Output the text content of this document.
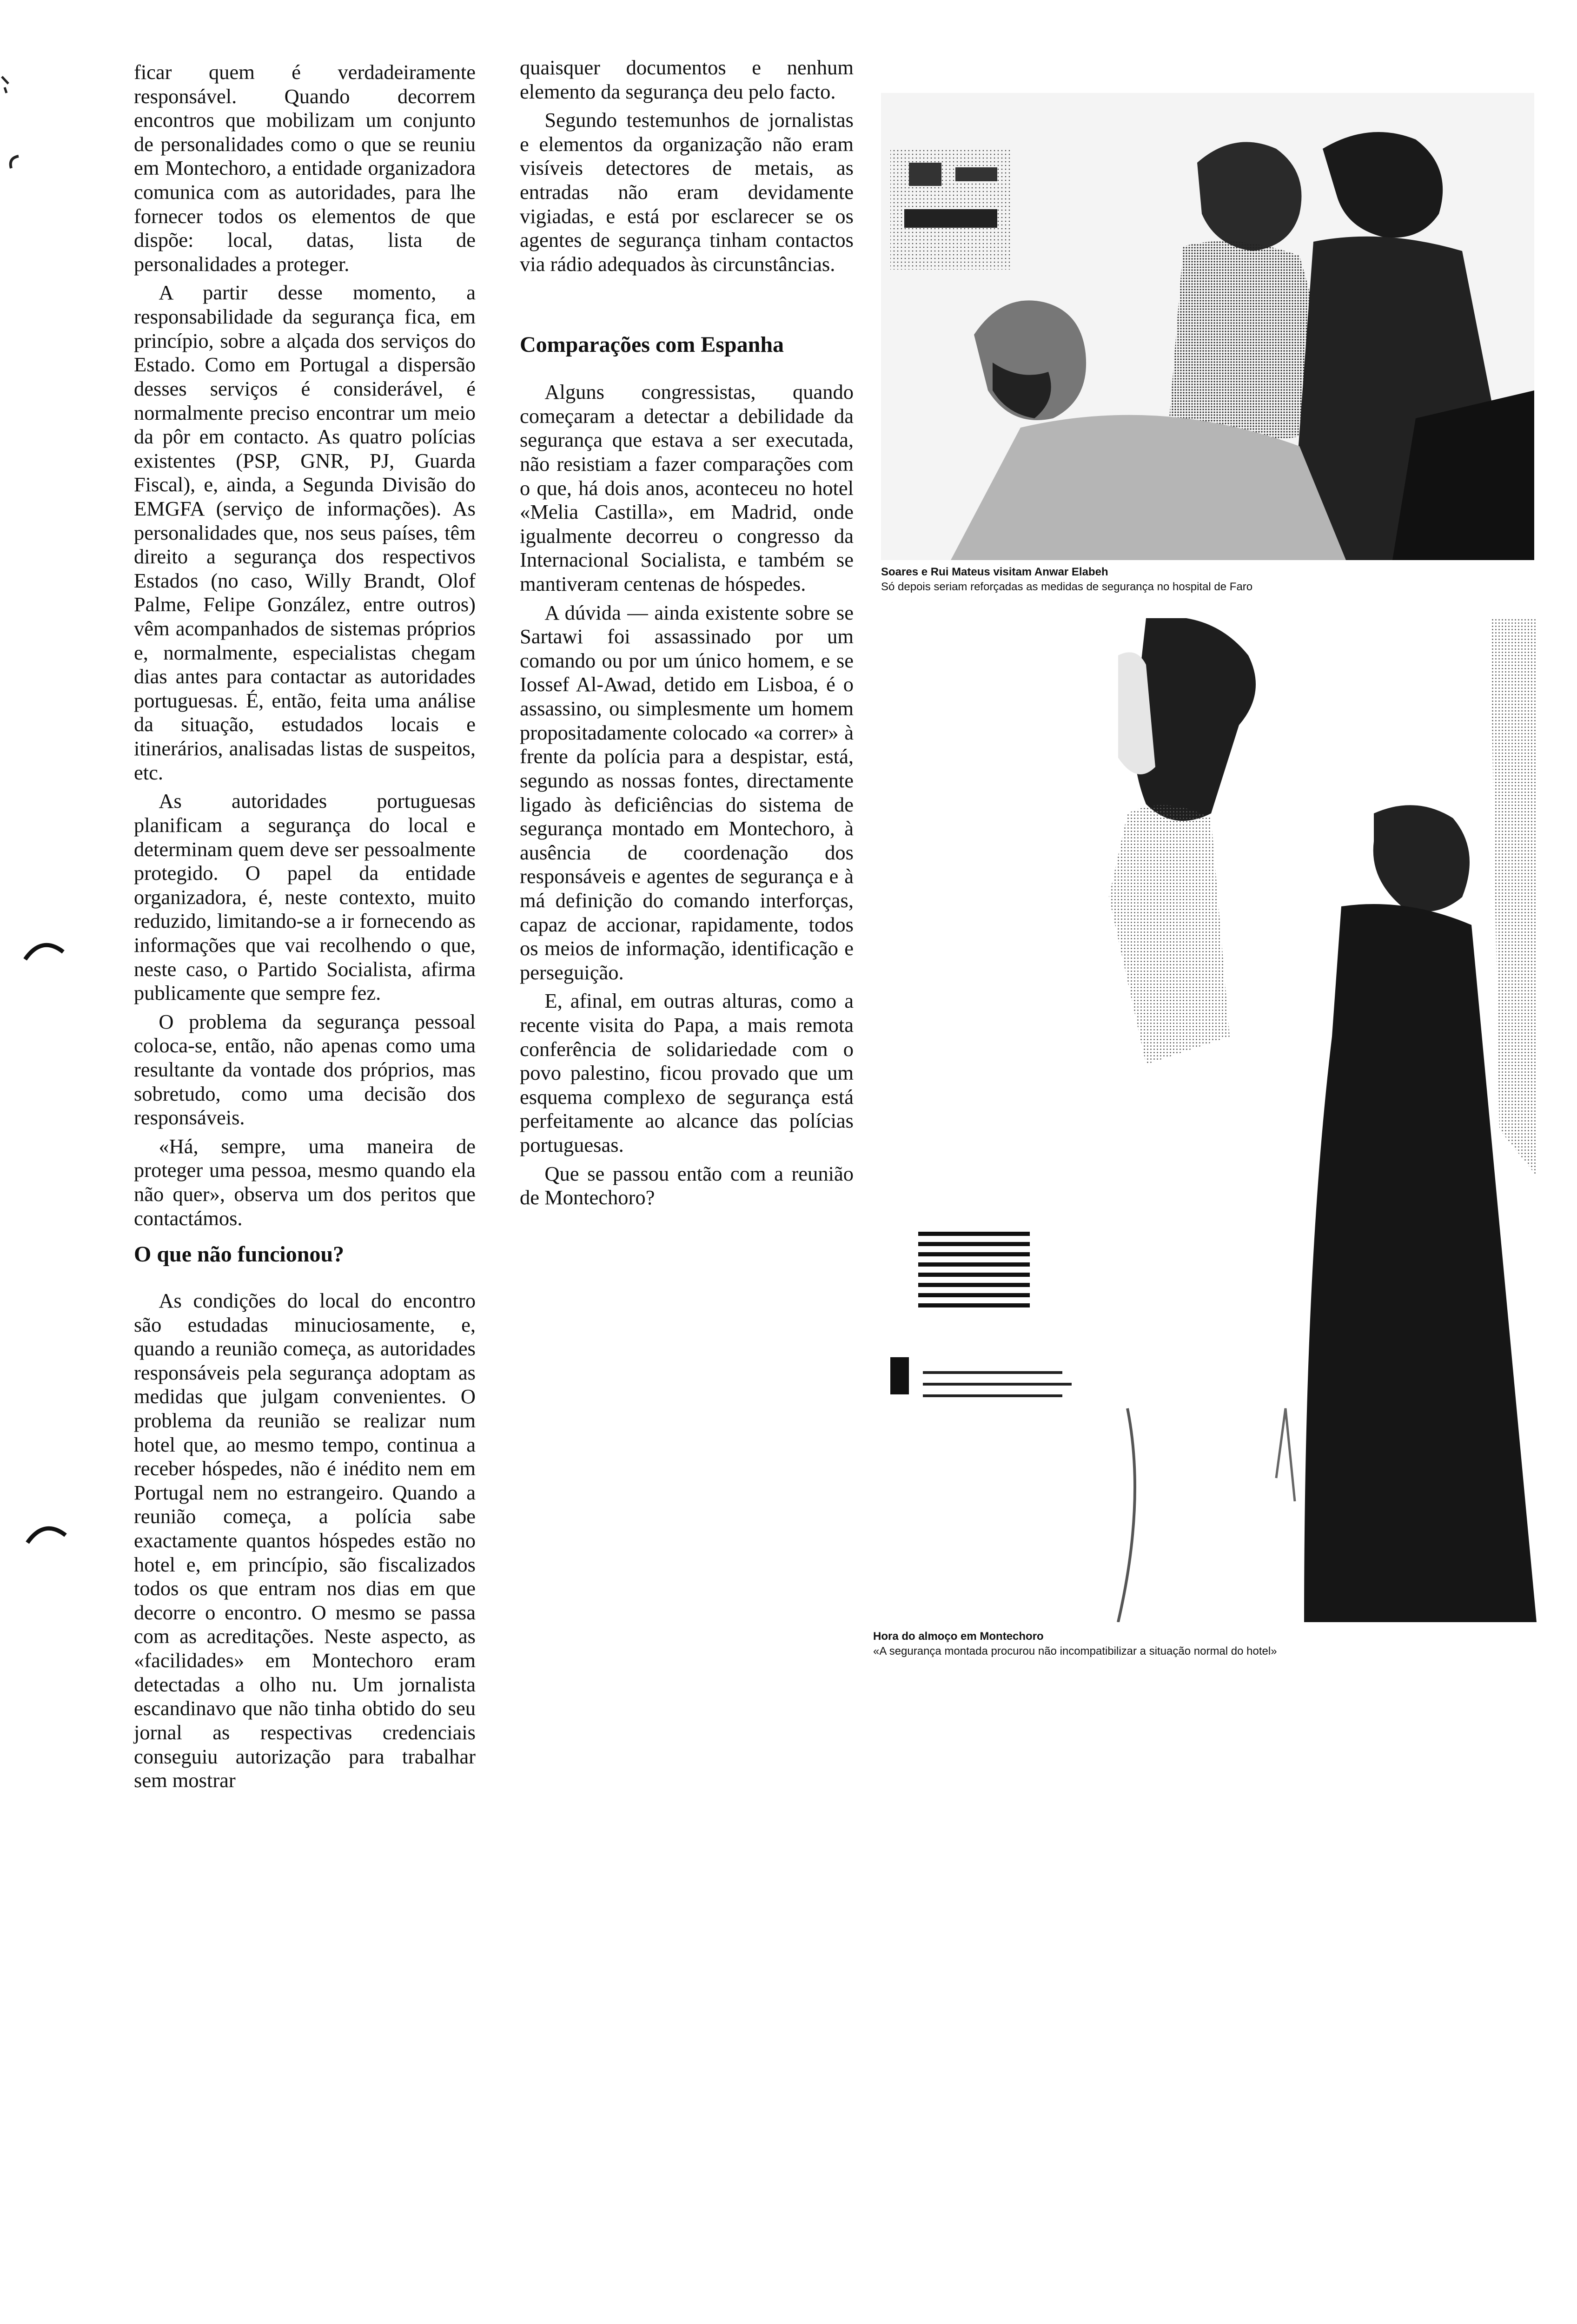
ficar quem é verdadeiramente responsável. Quando decorrem encontros que mobilizam um conjunto de personalidades como o que se reuniu em Montechoro, a entidade organizadora comunica com as autoridades, para lhe fornecer todos os elementos de que dispõe: local, datas, lista de personalidades a proteger.

A partir desse momento, a responsabilidade da segurança fica, em princípio, sobre a alçada dos serviços do Estado. Como em Portugal a dispersão desses serviços é considerável, é normalmente preciso encontrar um meio da pôr em contacto. As quatro polícias existentes (PSP, GNR, PJ, Guarda Fiscal), e, ainda, a Segunda Divisão do EMGFA (serviço de informações). As personalidades que, nos seus países, têm direito a segurança dos respectivos Estados (no caso, Willy Brandt, Olof Palme, Felipe González, entre outros) vêm acompanhados de sistemas próprios e, normalmente, especialistas chegam dias antes para contactar as autoridades portuguesas. É, então, feita uma análise da situação, estudados locais e itinerários, analisadas listas de suspeitos, etc.

As autoridades portuguesas planificam a segurança do local e determinam quem deve ser pessoalmente protegido. O papel da entidade organizadora, é, neste contexto, muito reduzido, limitando-se a ir fornecendo as informações que vai recolhendo o que, neste caso, o Partido Socialista, afirma publicamente que sempre fez.

O problema da segurança pessoal coloca-se, então, não apenas como uma resultante da vontade dos próprios, mas sobretudo, como uma decisão dos responsáveis.

«Há, sempre, uma maneira de proteger uma pessoa, mesmo quando ela não quer», observa um dos peritos que contactámos.

O que não funcionou?

As condições do local do encontro são estudadas minuciosamente, e, quando a reunião começa, as autoridades responsáveis pela segurança adoptam as medidas que julgam convenientes. O problema da reunião se realizar num hotel que, ao mesmo tempo, continua a receber hóspedes, não é inédito nem em Portugal nem no estrangeiro. Quando a reunião começa, a polícia sabe exactamente quantos hóspedes estão no hotel e, em princípio, são fiscalizados todos os que entram nos dias em que decorre o encontro. O mesmo se passa com as acreditações. Neste aspecto, as «facilidades» em Montechoro eram detectadas a olho nu. Um jornalista escandinavo que não tinha obtido do seu jornal as respectivas credenciais conseguiu autorização para trabalhar sem mostrar

quaisquer documentos e nenhum elemento da segurança deu pelo facto.

Segundo testemunhos de jornalistas e elementos da organização não eram visíveis detectores de metais, as entradas não eram devidamente vigiadas, e está por esclarecer se os agentes de segurança tinham contactos via rádio adequados às circunstâncias.

Comparações com Espanha

Alguns congressistas, quando começaram a detectar a debilidade da segurança que estava a ser executada, não resistiam a fazer comparações com o que, há dois anos, aconteceu no hotel «Melia Castilla», em Madrid, onde igualmente decorreu o congresso da Internacional Socialista, e também se mantiveram centenas de hóspedes.

A dúvida — ainda existente sobre se Sartawi foi assassinado por um comando ou por um único homem, e se Iossef Al-Awad, detido em Lisboa, é o assassino, ou simplesmente um homem propositadamente colocado «a correr» à frente da polícia para a despistar, está, segundo as nossas fontes, directamente ligado às deficiências do sistema de segurança montado em Montechoro, à ausência de coordenação dos responsáveis e agentes de segurança e à má definição do comando interforças, capaz de accionar, rapidamente, todos os meios de informação, identificação e perseguição.

E, afinal, em outras alturas, como a recente visita do Papa, a mais remota conferência de solidariedade com o povo palestino, ficou provado que um esquema complexo de segurança está perfeitamente ao alcance das polícias portuguesas.

Que se passou então com a reunião de Montechoro?

Soares e Rui Mateus visitam Anwar Elabeh
Só depois seriam reforçadas as medidas de segurança no hospital de Faro
Hora do almoço em Montechoro
«A segurança montada procurou não incompatibilizar a situação normal do hotel»
